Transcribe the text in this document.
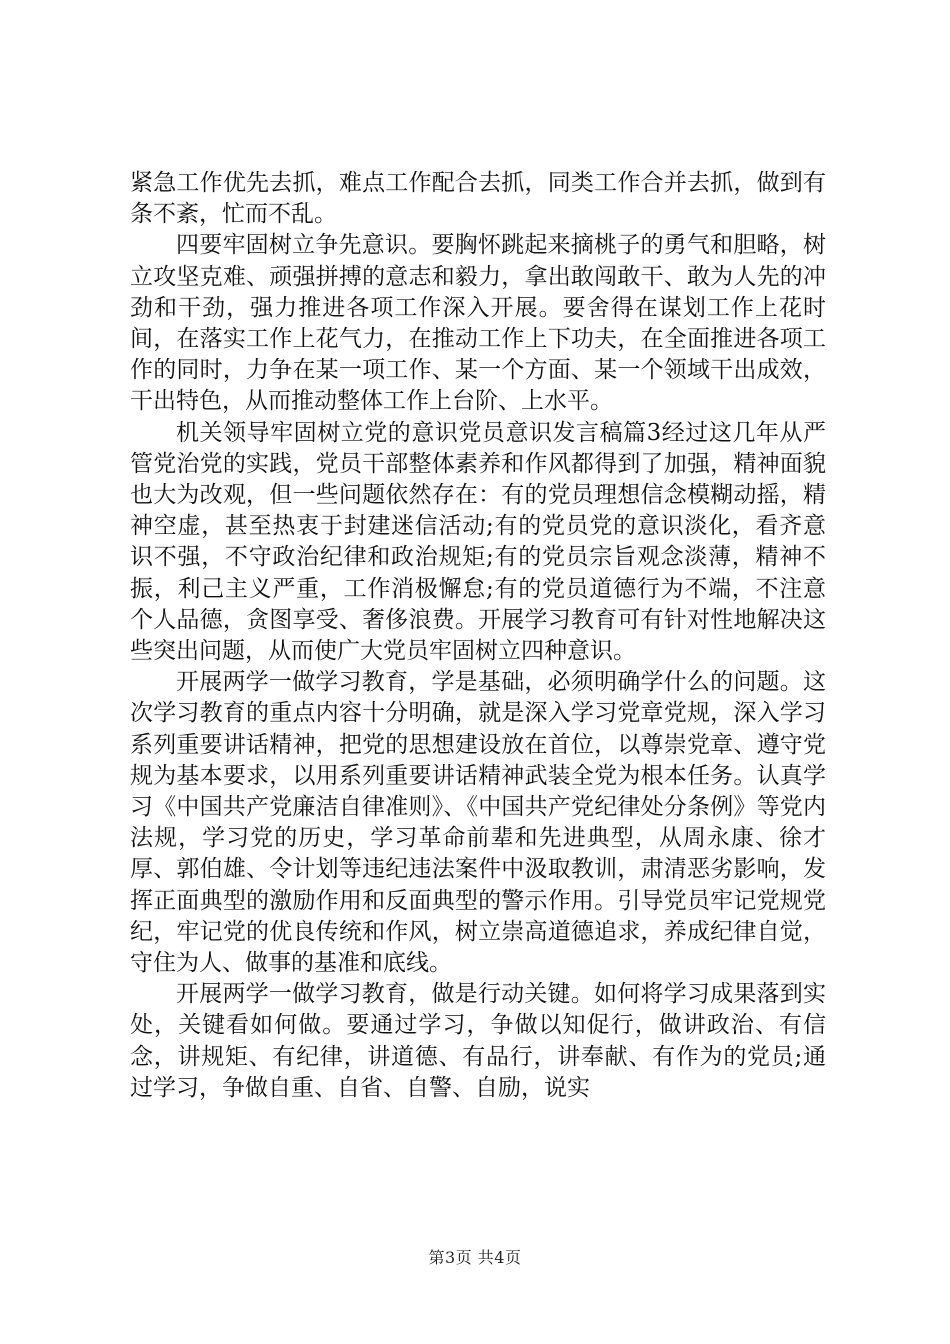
紧急工作优先去抓，难点工作配合去抓，同类工作合并去抓，做到有条不紊，忙而不乱。

四要牢固树立争先意识。要胸怀跳起来摘桃子的勇气和胆略，树立攻坚克难、顽强拼搏的意志和毅力，拿出敢闯敢干、敢为人先的冲劲和干劲，强力推进各项工作深入开展。要舍得在谋划工作上花时间，在落实工作上花气力，在推动工作上下功夫，在全面推进各项工作的同时，力争在某一项工作、某一个方面、某一个领域干出成效，干出特色，从而推动整体工作上台阶、上水平。

机关领导牢固树立党的意识党员意识发言稿篇3经过这几年从严管党治党的实践，党员干部整体素养和作风都得到了加强，精神面貌也大为改观，但一些问题依然存在：有的党员理想信念模糊动摇，精神空虚，甚至热衷于封建迷信活动;有的党员党的意识淡化，看齐意识不强，不守政治纪律和政治规矩;有的党员宗旨观念淡薄，精神不振，利己主义严重，工作消极懈怠;有的党员道德行为不端，不注意个人品德，贪图享受、奢侈浪费。开展学习教育可有针对性地解决这些突出问题，从而使广大党员牢固树立四种意识。

开展两学一做学习教育，学是基础，必须明确学什么的问题。这次学习教育的重点内容十分明确，就是深入学习党章党规，深入学习系列重要讲话精神，把党的思想建设放在首位，以尊崇党章、遵守党规为基本要求，以用系列重要讲话精神武装全党为根本任务。认真学习《中国共产党廉洁自律准则》、《中国共产党纪律处分条例》等党内法规，学习党的历史，学习革命前辈和先进典型，从周永康、徐才厚、郭伯雄、令计划等违纪违法案件中汲取教训，肃清恶劣影响，发挥正面典型的激励作用和反面典型的警示作用。引导党员牢记党规党纪，牢记党的优良传统和作风，树立崇高道德追求，养成纪律自觉，守住为人、做事的基准和底线。

开展两学一做学习教育，做是行动关键。如何将学习成果落到实处，关键看如何做。要通过学习，争做以知促行，做讲政治、有信念，讲规矩、有纪律，讲道德、有品行，讲奉献、有作为的党员;通过学习，争做自重、自省、自警、自励，说实

第3页 共4页
